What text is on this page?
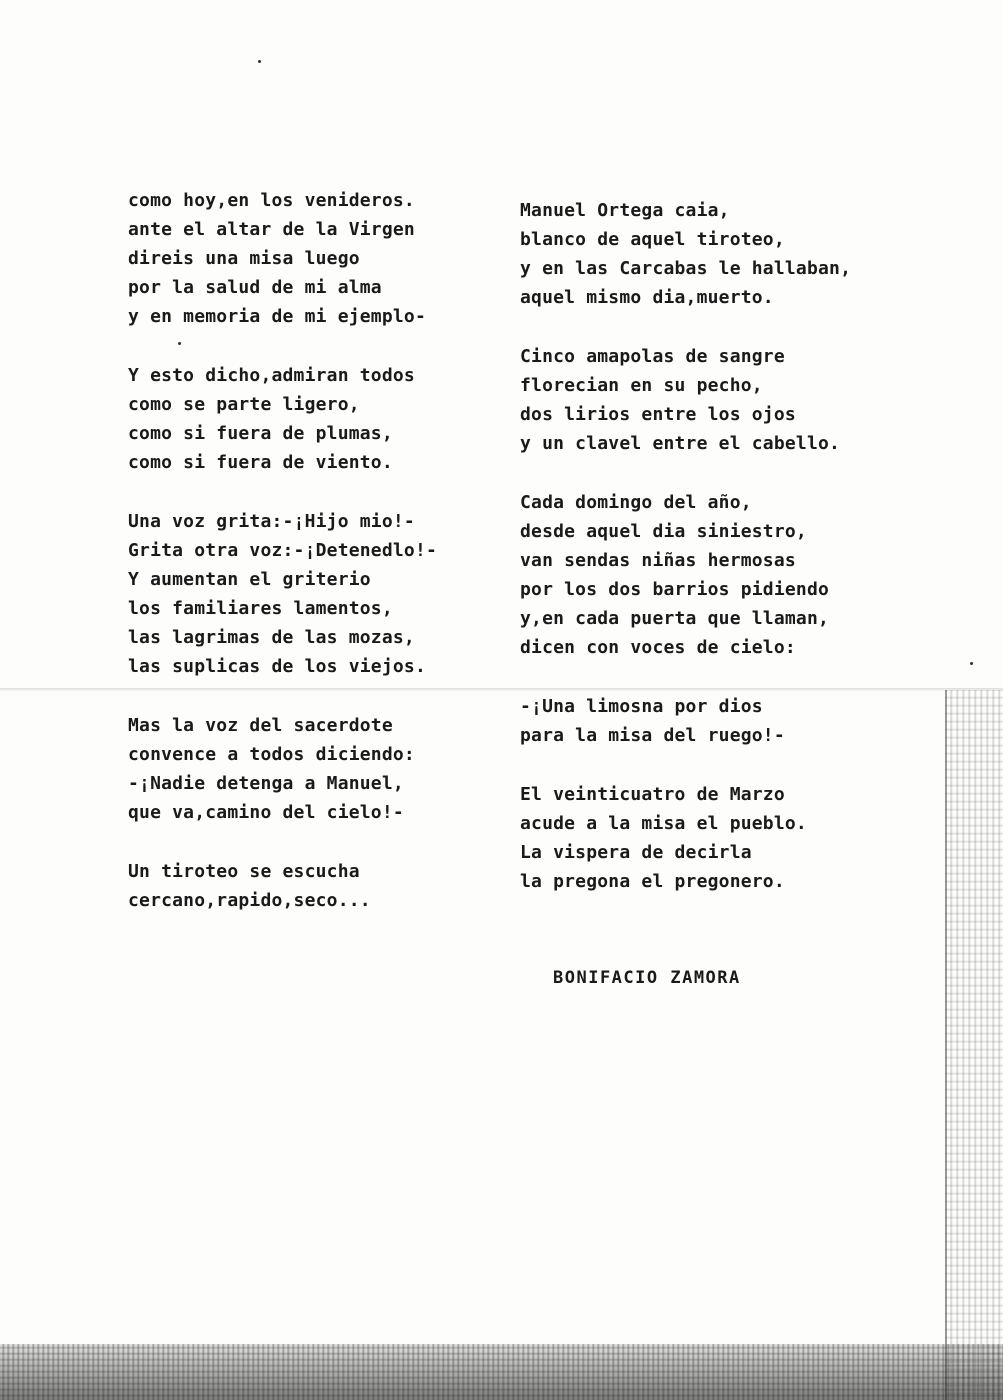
como hoy,en los venideros.
ante el altar de la Virgen
direis una misa luego
por la salud de mi alma
y en memoria de mi ejemplo-
Y esto dicho,admiran todos
como se parte ligero,
como si fuera de plumas,
como si fuera de viento.
Una voz grita:-¡Hijo mio!-
Grita otra voz:-¡Detenedlo!-
Y aumentan el griterio
los familiares lamentos,
las lagrimas de las mozas,
las suplicas de los viejos.
Mas la voz del sacerdote
convence a todos diciendo:
-¡Nadie detenga a Manuel,
que va,camino del cielo!-
Un tiroteo se escucha
cercano,rapido,seco...
Manuel Ortega caia,
blanco de aquel tiroteo,
y en las Carcabas le hallaban,
aquel mismo dia,muerto.
Cinco amapolas de sangre
florecian en su pecho,
dos lirios entre los ojos
y un clavel entre el cabello.
Cada domingo del año,
desde aquel dia siniestro,
van sendas niñas hermosas
por los dos barrios pidiendo
y,en cada puerta que llaman,
dicen con voces de cielo:
-¡Una limosna por dios
para la misa del ruego!-
El veinticuatro de Marzo
acude a la misa el pueblo.
La vispera de decirla
la pregona el pregonero.
BONIFACIO ZAMORA
